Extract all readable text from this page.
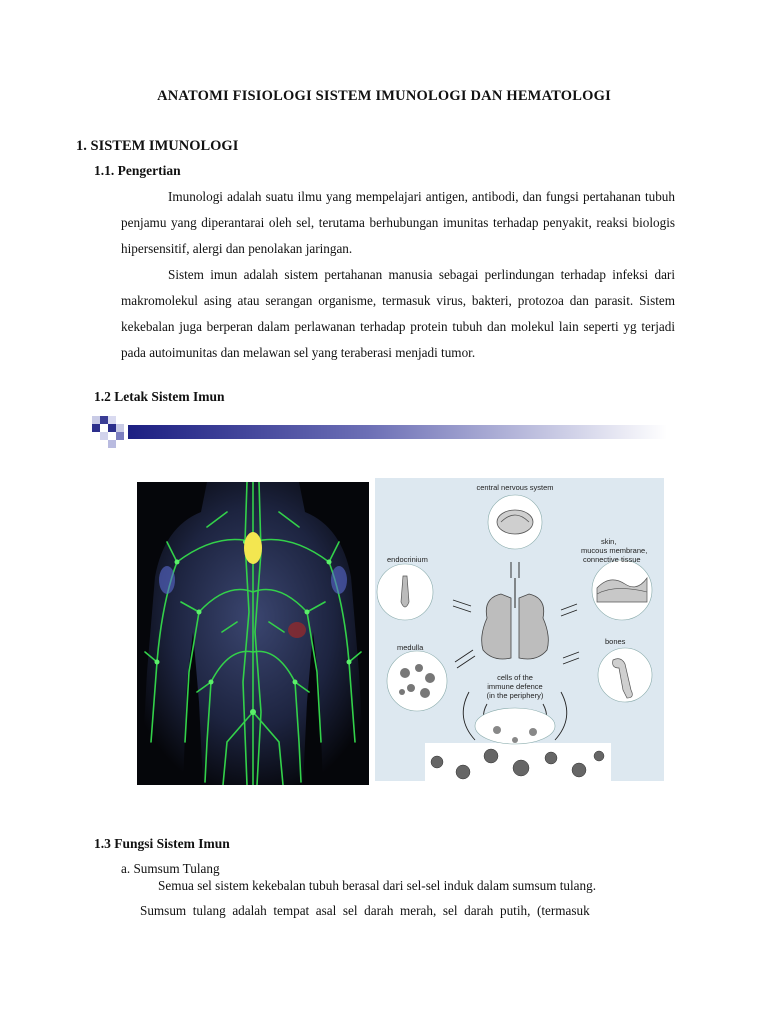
ANATOMI FISIOLOGI SISTEM IMUNOLOGI DAN HEMATOLOGI
1. SISTEM IMUNOLOGI
1.1. Pengertian

Imunologi adalah suatu ilmu yang mempelajari antigen, antibodi, dan fungsi pertahanan tubuh penjamu yang diperantarai oleh sel, terutama berhubungan imunitas terhadap penyakit, reaksi biologis hipersensitif, alergi dan penolakan jaringan.

Sistem imun adalah sistem pertahanan manusia sebagai perlindungan terhadap infeksi dari makromolekul asing atau serangan organisme, termasuk virus, bakteri, protozoa dan parasit. Sistem kekebalan juga berperan dalam perlawanan terhadap protein tubuh dan molekul lain seperti yg terjadi pada autoimunitas dan melawan sel yang teraberasi menjadi tumor.

1.2 Letak Sistem Imun
central nervous system
skin,
mucous membrane,
connective tissue
endocrinium
medulla
bones
cells of the
immune defence
(in the periphery)
1.3 Fungsi Sistem Imun
a. Sumsum Tulang
Semua sel sistem kekebalan tubuh berasal dari sel-sel induk dalam sumsum tulang.
Sumsum  tulang  adalah  tempat  asal  sel  darah  merah,  sel  darah  putih,  (termasuk
